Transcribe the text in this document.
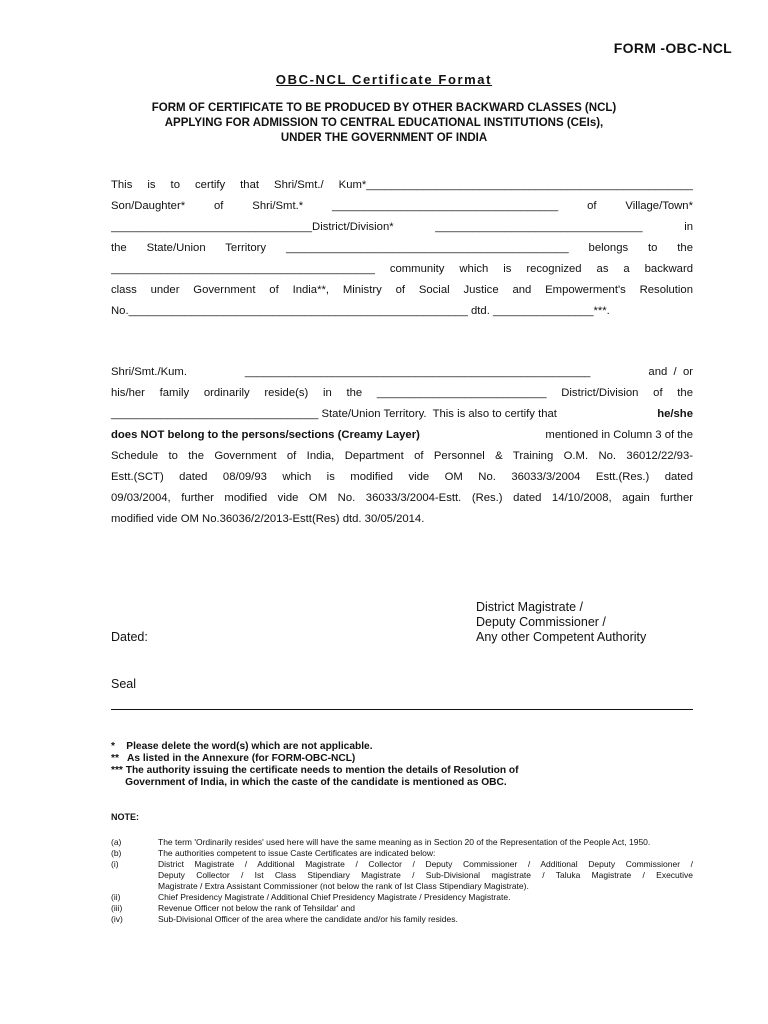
FORM -OBC-NCL
OBC-NCL Certificate Format
FORM OF CERTIFICATE TO BE PRODUCED BY OTHER BACKWARD CLASSES (NCL)
APPLYING FOR ADMISSION TO CENTRAL EDUCATIONAL INSTITUTIONS (CEIs),
UNDER THE GOVERNMENT OF INDIA
This is to certify that Shri/Smt./ Kum*____________________________________________________
Son/Daughter* of Shri/Smt.* ____________________________________ of Village/Town*
________________________________District/Division* _________________________________ in
the State/Union Territory _____________________________________________ belongs to the
__________________________________________ community which is recognized as a backward
class under Government of India**, Ministry of Social Justice and Empowerment's Resolution
No.______________________________________________________ dtd. ________________***.
Shri/Smt./Kum.	_______________________________________________________	and  /  or
his/her family ordinarily reside(s) in the ___________________________ District/Division of the
_________________________________ State/Union Territory.  This is also to certify that	he/she
does NOT belong to the persons/sections (Creamy Layer)	mentioned in Column 3 of the
Schedule to the Government of India, Department of Personnel & Training O.M. No. 36012/22/93-
Estt.(SCT) dated 08/09/93 which is modified vide OM No. 36033/3/2004 Estt.(Res.) dated
09/03/2004, further modified vide OM No. 36033/3/2004-Estt. (Res.) dated 14/10/2008, again further
modified vide OM No.36036/2/2013-Estt(Res) dtd. 30/05/2014.
District Magistrate /
Deputy Commissioner /
Any other Competent Authority
Dated:
Seal
*    Please delete the word(s) which are not applicable.
**   As listed in the Annexure (for FORM-OBC-NCL)
*** The authority issuing the certificate needs to mention the details of Resolution of
Government of India, in which the caste of the candidate is mentioned as OBC.
NOTE:
(a)	The term 'Ordinarily resides' used here will have the same meaning as in Section 20 of the Representation of the People Act, 1950.
(b)	The authorities competent to issue Caste Certificates are indicated below:
(i)	District Magistrate / Additional Magistrate / Collector / Deputy Commissioner / Additional Deputy Commissioner /
Deputy Collector / Ist Class Stipendiary Magistrate / Sub-Divisional magistrate / Taluka Magistrate / Executive
Magistrate / Extra Assistant Commissioner (not below the rank of Ist Class Stipendiary Magistrate).
(ii)	Chief Presidency Magistrate / Additional Chief Presidency Magistrate / Presidency Magistrate.
(iii)	Revenue Officer not below the rank of Tehsildar' and
(iv)	Sub-Divisional Officer of the area where the candidate and/or his family resides.
